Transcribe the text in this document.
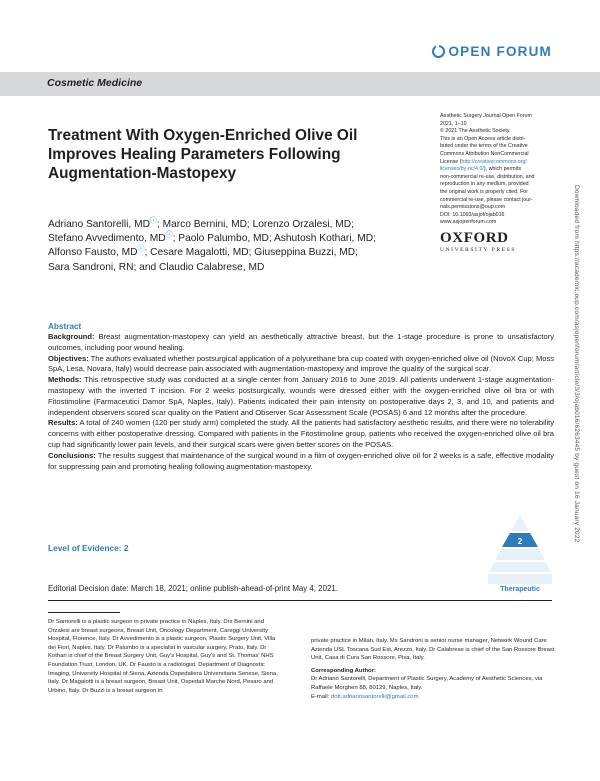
OPEN FORUM
Cosmetic Medicine
Treatment With Oxygen-Enriched Olive Oil Improves Healing Parameters Following Augmentation-Mastopexy
Aesthetic Surgery Journal Open Forum
2021, 1–10
© 2021 The Aesthetic Society.
This is an Open Access article distri-
buted under the terms of the Creative
Commons Attribution NonCommercial
License (http://creativecommons.org/
licenses/by-nc/4.0/), which permits
non-commercial re-use, distribution, and
reproduction in any medium, provided
the original work is properly cited. For
commercial re-use, please contact jour-
nals.permissions@oup.com
DOI: 10.1093/asjof/ojab016
www.asjopenforum.com
OXFORD
UNIVERSITY PRESS
Adriano Santorelli, MDⓘ; Marco Bernini, MD; Lorenzo Orzalesi, MD;
Stefano Avvedimento, MDⓘ; Paolo Palumbo, MD; Ashutosh Kothari, MD;
Alfonso Fausto, MDⓘ; Cesare Magalotti, MD; Giuseppina Buzzi, MD;
Sara Sandroni, RN; and Claudio Calabrese, MD	Downloaded from https://academic.oup.com/asjopenforum/article/3/3/ojab016/6263445 by guest on 16 January 2022
Abstract

Background: Breast augmentation-mastopexy can yield an aesthetically attractive breast, but the 1-stage procedure is prone to unsatisfactory outcomes, including poor wound healing.

Objectives: The authors evaluated whether postsurgical application of a polyurethane bra cup coated with oxygen-enriched olive oil (NovoX Cup; Moss SpA, Lesa, Novara, Italy) would decrease pain associated with augmentation-mastopexy and improve the quality of the surgical scar.

Methods: This retrospective study was conducted at a single center from January 2016 to June 2019. All patients underwent 1-stage augmentation-mastopexy with the inverted T incision. For 2 weeks postsurgically, wounds were dressed either with the oxygen-enriched olive oil bra or with Fitostimoline (Farmaceutici Damor SpA, Naples, Italy). Patients indicated their pain intensity on postoperative days 2, 3, and 10, and patients and independent observers scored scar quality on the Patient and Observer Scar Assessment Scale (POSAS) 6 and 12 months after the procedure.

Results: A total of 240 women (120 per study arm) completed the study. All the patients had satisfactory aesthetic results, and there were no tolerability concerns with either postoperative dressing. Compared with patients in the Fitostimoline group, patients who received the oxygen-enriched olive oil bra cup had significantly lower pain levels, and their surgical scars were given better scores on the POSAS.

Conclusions: The results suggest that maintenance of the surgical wound in a film of oxygen-enriched olive oil for 2 weeks is a safe, effective modality for suppressing pain and promoting healing following augmentation-mastopexy.

Level of Evidence: 2
2
Therapeutic
Editorial Decision date: March 18, 2021; online publish-ahead-of-print May 4, 2021.
Dr Santorelli is a plastic surgeon in private practice in Naples, Italy. Drs Bernini and Orzalesi are breast surgeons, Breast Unit, Oncology Department, Careggi University Hospital, Florence, Italy. Dr Avvedimento is a plastic surgeon, Plastic Surgery Unit, Villa dei Fiori, Naples, Italy. Dr Palumbo is a specialist in vascular surgery, Prato, Italy. Dr Kothari is chief of the Breast Surgery Unit, Guy's Hospital, Guy's and St. Thomas' NHS Foundation Trust, London, UK. Dr Fausto is a radiologist, Department of Diagnostic Imaging, University Hospital of Siena, Azienda Ospedaliera Universitaria Senese, Siena, Italy. Dr Magalotti is a breast surgeon, Breast Unit, Ospedali Marche Nord, Pesaro and Urbino, Italy. Dr Buzzi is a breast surgeon in
private practice in Milan, Italy. Ms Sandroni is senior nurse manager, Network Wound Care Azienda USL Toscana Sud Est, Arezzo, Italy. Dr Calabrese is chief of the San Rossore Breast Unit, Casa di Cura San Rossore, Pisa, Italy.
Corresponding Author:
Dr Adriano Santorelli, Department of Plastic Surgery, Academy of Aesthetic Sciences, via Raffaele Morghen 88, 80129, Naples, Italy.
E-mail: dott.adrianosantorelli@gmail.com
